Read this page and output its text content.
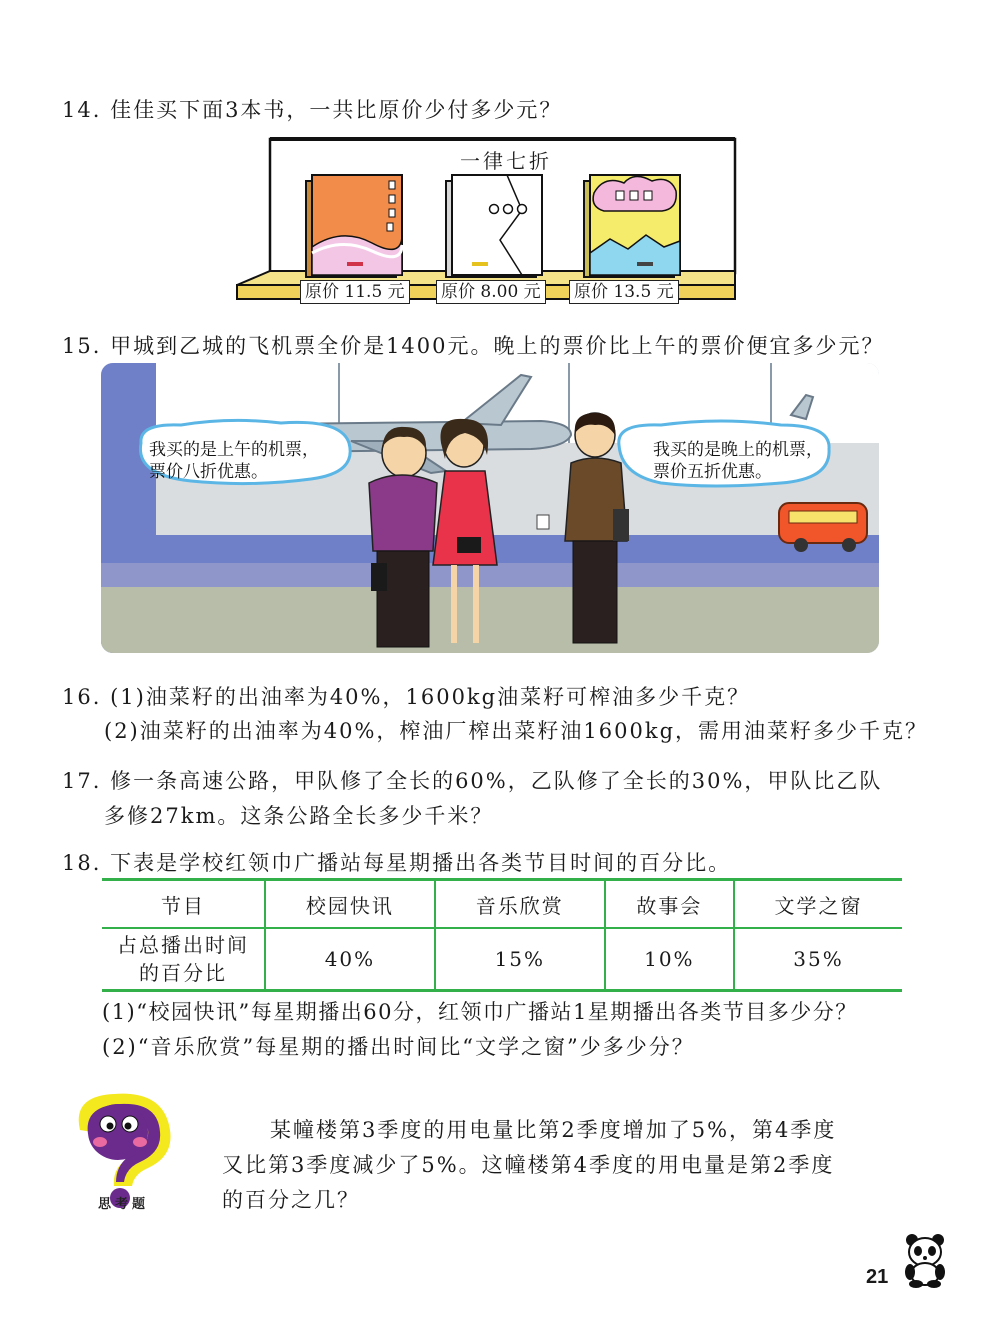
14. 佳佳买下面3本书，一共比原价少付多少元？
一律七折
原价 11.5 元 原价 8.00 元 原价 13.5 元
15. 甲城到乙城的飞机票全价是1400元。晚上的票价比上午的票价便宜多少元？
我买的是上午的机票，
票价八折优惠。
我买的是晚上的机票，
票价五折优惠。
16. (1)油菜籽的出油率为40%，1600kg油菜籽可榨油多少千克？
(2)油菜籽的出油率为40%，榨油厂榨出菜籽油1600kg，需用油菜籽多少千克？
17. 修一条高速公路，甲队修了全长的60%，乙队修了全长的30%，甲队比乙队
多修27km。这条公路全长多少千米？
18. 下表是学校红领巾广播站每星期播出各类节目时间的百分比。
节目	校园快讯	音乐欣赏	故事会	文学之窗

占总播出时间
的百分比	40%	15%	10%	35%
(1)“校园快讯”每星期播出60分，红领巾广播站1星期播出各类节目多少分？
(2)“音乐欣赏”每星期的播出时间比“文学之窗”少多少分？
思考题
某幢楼第3季度的用电量比第2季度增加了5%，第4季度
又比第3季度减少了5%。这幢楼第4季度的用电量是第2季度
的百分之几？
21
